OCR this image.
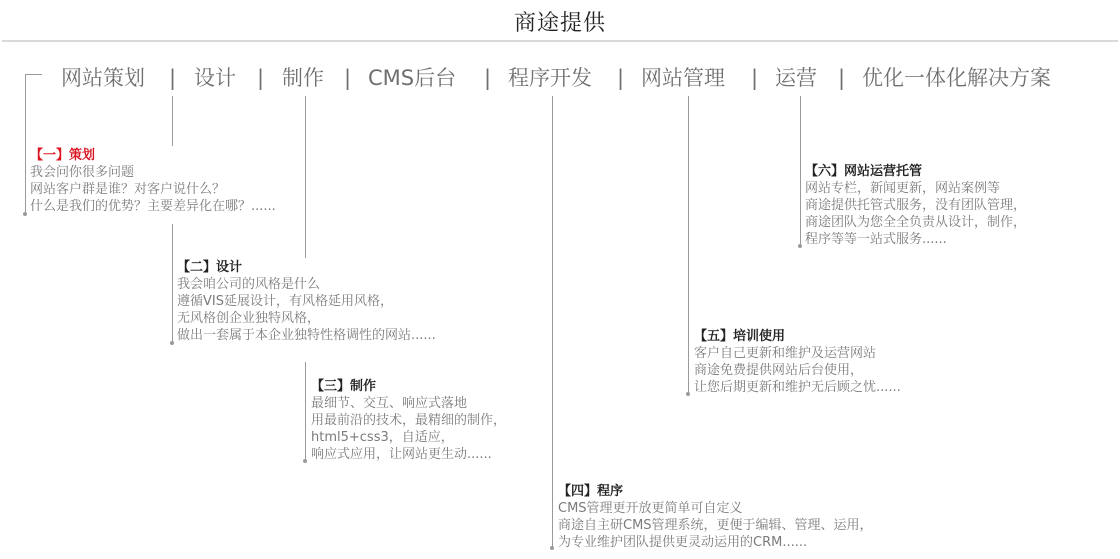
商途提供
网站策划 | 设计 | 制作 | CMS后台 | 程序开发 | 网站管理 | 运营 | 优化一体化解决方案
【一】策划
我会问你很多问题
网站客户群是谁？对客户说什么？
什么是我们的优势？主要差异化在哪？......
【二】设计
我会咱公司的风格是什么
遵循VIS延展设计，有风格延用风格，
无风格创企业独特风格，
做出一套属于本企业独特性格调性的网站......
【三】制作
最细节、交互、响应式落地
用最前沿的技术，最精细的制作，
html5+css3，自适应，
响应式应用，让网站更生动......
【四】程序
CMS管理更开放更简单可自定义
商途自主研CMS管理系统，更便于编辑、管理、运用，
为专业维护团队提供更灵动运用的CRM......
【五】培训使用
客户自己更新和维护及运营网站
商途免费提供网站后台使用，
让您后期更新和维护无后顾之忧......
【六】网站运营托管
网站专栏，新闻更新，网站案例等
商途提供托管式服务，没有团队管理，
商途团队为您全全负责从设计，制作，
程序等等一站式服务......
